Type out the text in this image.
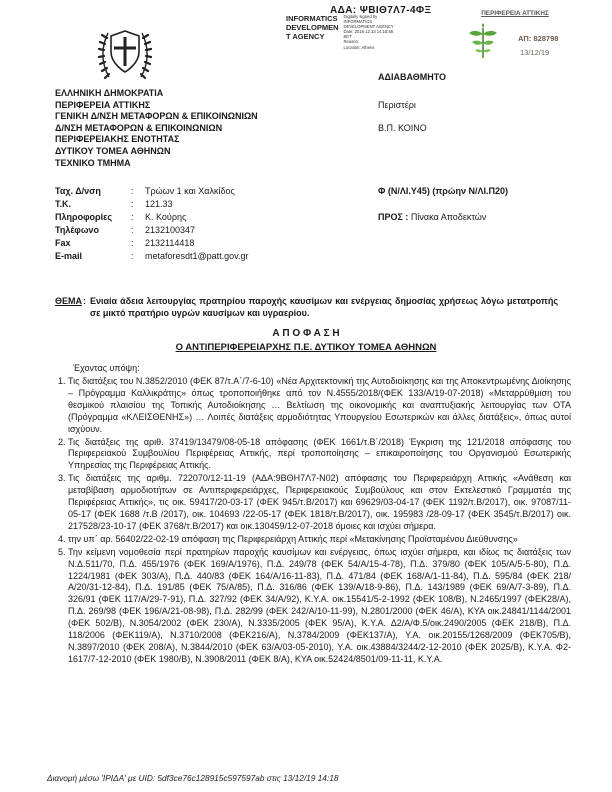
ΑΔΑ: ΨΒΙΘ7Λ7-4ΦΞ
INFORMATICS
DEVELOPMEN
T AGENCY
Digitally signed by
INFORMATICS
DEVELOPMENT AGENCY
Date: 2019.12.13 14:18:58
EET
Reason:
Location: Athens
ΠΕΡΙΦΕΡΕΙΑ ΑΤΤΙΚΗΣ
ΑΠ: 828798
13/12/19
ΑΔΙΑΒΑΘΜΗΤΟ
ΕΛΛΗΝΙΚΗ ΔΗΜΟΚΡΑΤΙΑ
ΠΕΡΙΦΕΡΕΙΑ ΑΤΤΙΚΗΣ
ΓΕΝΙΚΗ Δ/ΝΣΗ ΜΕΤΑΦΟΡΩΝ & ΕΠΙΚΟΙΝΩΝΙΩΝ
Δ/ΝΣΗ ΜΕΤΑΦΟΡΩΝ & ΕΠΙΚΟΙΝΩΝΙΩΝ
ΠΕΡΙΦΕΡΕΙΑΚΗΣ ΕΝΟΤΗΤΑΣ
ΔΥΤΙΚΟΥ ΤΟΜΕΑ ΑΘΗΝΩΝ
ΤΕΧΝΙΚΟ ΤΜΗΜΑ
Περιστέρι
Β.Π. ΚΟΙΝΟ
Φ (Ν/ΛΙ.Υ45) (πρώην Ν/ΛΙ.Π20)
ΠΡΟΣ : Πίνακα Αποδεκτών
Ταχ. Δ/νση	:	Τρώων 1 και Χαλκίδος
Τ.Κ.	:	121.33
Πληροφορίες	:	Κ. Κούρης
Τηλέφωνο	:	2132100347
Fax	:	2132114418
E-mail	:	metaforesdt1@patt.gov.gr
ΘΕΜΑ : Ενιαία άδεια λειτουργίας πρατηρίου παροχής καυσίμων και ενέργειας δημοσίας χρήσεως λόγω μετατροπής σε μικτό πρατήριο υγρών καυσίμων και υγραερίου.
Α Π Ο Φ Α Σ Η
Ο ΑΝΤΙΠΕΡΙΦΕΡΕΙΑΡΧΗΣ Π.Ε. ΔΥΤΙΚΟΥ ΤΟΜΕΑ ΑΘΗΝΩΝ
Έχοντας υπόψη:
1. Τις διατάξεις του Ν.3852/2010 (ΦΕΚ 87/τ.Α΄/7-6-10) «Νέα Αρχιτεκτονική της Αυτοδιοίκησης και της Αποκεντρωμένης Διοίκησης – Πρόγραμμα Καλλικράτης» όπως τροποποιήθηκε από τον Ν.4555/2018/(ΦΕΚ 133/Α/19-07-2018) «Μεταρρύθμιση του θεσμικού πλαισίου της Τοπικής Αυτοδιοίκησης … Βελτίωση της οικονομικής και αναπτυξιακής λειτουργίας των ΟΤΑ (Πρόγραμμα «ΚΛΕΙΣΘΕΝΗΣ») … Λοιπές διατάξεις αρμοδιότητας Υπουργείου Εσωτερικών και άλλες διατάξεις», όπως αυτοί ισχύουν.
2. Τις διατάξεις της αριθ. 37419/13479/08-05-18 απόφασης (ΦΕΚ 1661/τ.Β΄/2018) Έγκριση της 121/2018 απόφασης του Περιφερειακού Συμβουλίου Περιφέρειας Αττικής, περί τροποποίησης – επικαιροποίησης του Οργανισμού Εσωτερικής Υπηρεσίας της Περιφέρειας Αττικής.
3. Τις διατάξεις της αριθμ. 722070/12-11-19 (ΑΔΑ:9ΒΘΗ7Λ7-Ν02) απόφασης του Περιφερειάρχη Αττικής «Ανάθεση και μεταβίβαση αρμοδιοτήτων σε Αντιπεριφερειάρχες, Περιφερειακούς Συμβούλους και στον Εκτελεστικό Γραμματέα της Περιφέρειας Αττικής», τις οικ. 59417/20-03-17 (ΦΕΚ 945/τ.Β/2017) και 69629/03-04-17 (ΦΕΚ 1192/τ.Β/2017), οικ. 97087/11-05-17 (ΦΕΚ 1688 /τ.Β /2017), οικ. 104693 /22-05-17 (ΦΕΚ 1818/τ.Β/2017), οικ. 195983 /28-09-17 (ΦΕΚ 3545/τ.Β/2017) οικ. 217528/23-10-17 (ΦΕΚ 3768/τ.Β/2017) και οικ.130459/12-07-2018 όμοιες και ισχύει σήμερα.
4. την υπ΄ αρ. 56402/22-02-19 απόφαση της Περιφερειάρχη Αττικής περί «Μετακίνησης Προϊσταμένου Διεύθυνσης»
5. Την κείμενη νομοθεσία περί πρατηρίων παροχής καυσίμων και ενέργειας, όπως ισχύει σήμερα, και ιδίως τις διατάξεις των Ν.Δ.511/70, Π.Δ. 455/1976 (ΦΕΚ 169/Α/1976), Π.Δ. 249/78 (ΦΕΚ 54/Α/15-4-78), Π.Δ. 379/80 (ΦΕΚ 105/Α/5-5-80), Π.Δ. 1224/1981 (ΦΕΚ 303/Α), Π.Δ. 440/83 (ΦΕΚ 164/Α/16-11-83), Π.Δ. 471/84 (ΦΕΚ 168/Α/1-11-84), Π.Δ. 595/84 (ΦΕΚ 218/Α/20/31-12-84), Π.Δ. 191/85 (ΦΕΚ 75/Α/85), Π.Δ. 316/86 (ΦΕΚ 139/Α/18-9-86), Π.Δ. 143/1989 (ΦΕΚ 69/Α/7-3-89), Π.Δ. 326/91 (ΦΕΚ 117/Α/29-7-91), Π.Δ. 327/92 (ΦΕΚ 34/Α/92), Κ.Υ.Α. οικ.15541/5-2-1992 (ΦΕΚ 108/Β), Ν.2465/1997 (ΦΕΚ28/Α), Π.Δ. 269/98 (ΦΕΚ 196/Α/21-08-98), Π.Δ. 282/99 (ΦΕΚ 242/Α/10-11-99), Ν.2801/2000 (ΦΕΚ 46/Α), ΚΥΑ οικ.24841/1144/2001 (ΦΕΚ 502/Β), Ν.3054/2002 (ΦΕΚ 230/Α), Ν.3335/2005 (ΦΕΚ 95/Α), Κ.Υ.Α. Δ2/Α/Φ.5/οικ.2490/2005 (ΦΕΚ 218/Β), Π.Δ. 118/2006 (ΦΕΚ119/Α), Ν.3710/2008 (ΦΕΚ216/Α), Ν.3784/2009 (ΦΕΚ137/Α), Υ.Α. οικ.20155/1268/2009 (ΦΕΚ705/Β), Ν.3897/2010 (ΦΕΚ 208/Α), Ν.3844/2010 (ΦΕΚ 63/Α/03-05-2010), Υ.Α. οικ.43884/3244/2-12-2010 (ΦΕΚ 2025/Β), Κ.Υ.Α. Φ2-1617/7-12-2010 (ΦΕΚ 1980/Β), Ν.3908/2011 (ΦΕΚ 8/Α), ΚΥΑ οικ.52424/8501/09-11-11, Κ.Υ.Α.
Διανομή μέσω 'ΙΡΙΔΑ' με UID: 5df3ce76c128915c597597ab στις 13/12/19 14:18
